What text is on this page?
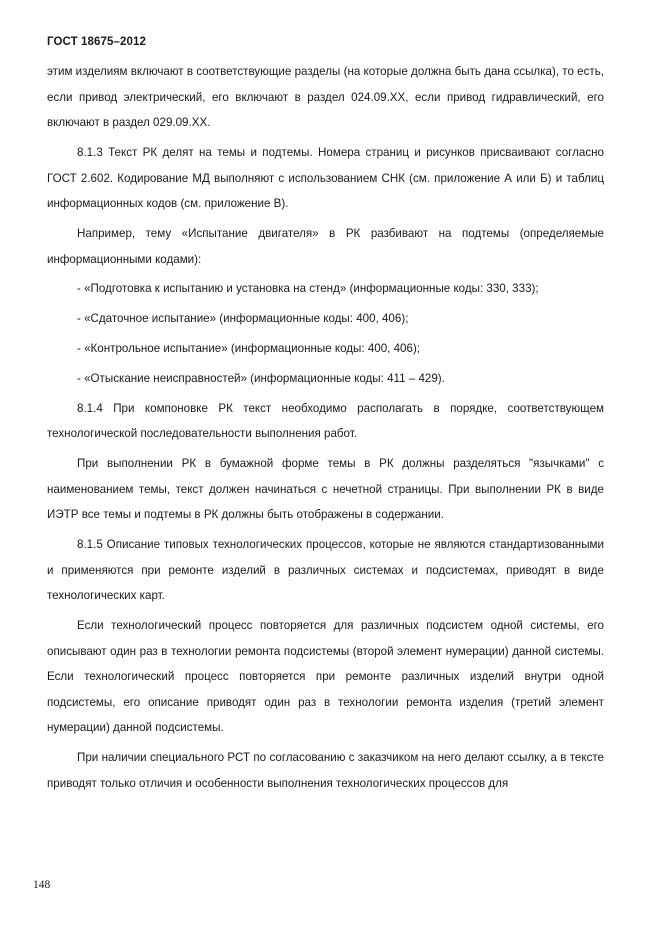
ГОСТ 18675–2012

этим изделиям включают в соответствующие разделы (на которые должна быть дана ссылка), то есть, если привод электрический, его включают в раздел 024.09.XX, если привод гидравлический, его включают в раздел 029.09.XX.

8.1.3 Текст РК делят на темы и подтемы. Номера страниц и рисунков присваивают согласно ГОСТ 2.602. Кодирование МД выполняют с использованием СНК (см. приложение А или Б) и таблиц информационных кодов (см. приложение В).

Например, тему «Испытание двигателя» в РК разбивают на подтемы (определяемые информационными кодами):

- «Подготовка к испытанию и установка на стенд» (информационные коды: 330, 333);

- «Сдаточное испытание» (информационные коды: 400, 406);

- «Контрольное испытание» (информационные коды: 400, 406);

- «Отыскание неисправностей» (информационные коды: 411 – 429).

8.1.4 При компоновке РК текст необходимо располагать в порядке, соответствующем технологической последовательности выполнения работ.

При выполнении РК в бумажной форме темы в РК должны разделяться "язычками" с наименованием темы, текст должен начинаться с нечетной страницы. При выполнении РК в виде ИЭТР все темы и подтемы в РК должны быть отображены в содержании.

8.1.5 Описание типовых технологических процессов, которые не являются стандартизованными и применяются при ремонте изделий в различных системах и подсистемах, приводят в виде технологических карт.

Если технологический процесс повторяется для различных подсистем одной системы, его описывают один раз в технологии ремонта подсистемы (второй элемент нумерации) данной системы. Если технологический процесс повторяется при ремонте различных изделий внутри одной подсистемы, его описание приводят один раз в технологии ремонта изделия (третий элемент нумерации) данной подсистемы.

При наличии специального РСТ по согласованию с заказчиком на него делают ссылку, а в тексте приводят только отличия и особенности выполнения технологических процессов для

148
